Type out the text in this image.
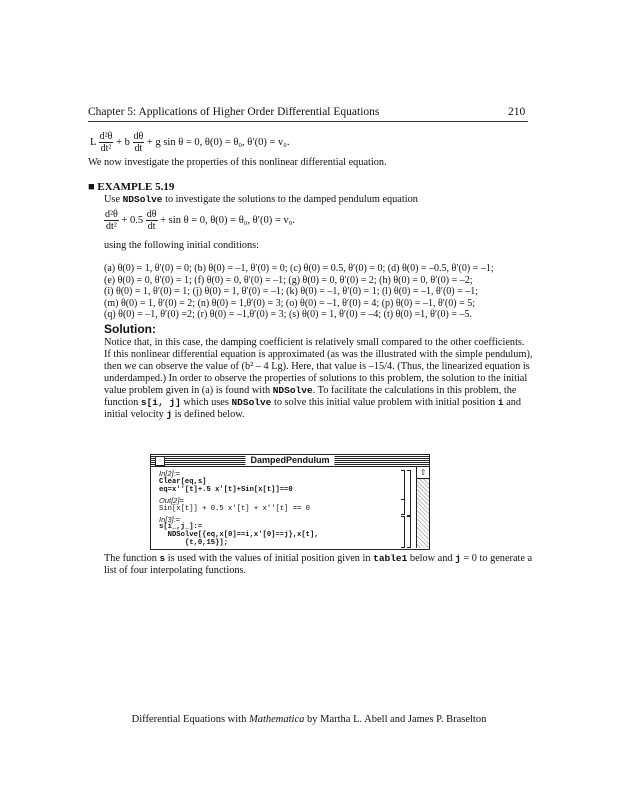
Chapter 5: Applications of Higher Order Differential Equations	210
L $\frac{\text{d²θ}}{\text{dt²}} + b \frac{d\theta}{dt} + g$ sin θ = 0, θ(0) = θ₀, θ′(0) = v₀.
We now investigate the properties of this nonlinear differential equation.
■ EXAMPLE 5.19
Use NDSolve to investigate the solutions to the damped pendulum equation
$\frac{\text{d²θ}}{\text{dt²}} + 0.5 \frac{d\theta}{dt} + \sin \theta = 0$, θ(0) = θ₀, θ′(0) = v₀.
using the following initial conditions:
(a) θ(0) = 1, θ′(0) = 0; (b) θ(0) = –1, θ′(0) = 0; (c) θ(0) = 0.5, θ′(0) = 0; (d) θ(0) = –0.5, θ′(0) = –1;
(e) θ(0) = 0, θ′(0) = 1; (f) θ(0) = 0, θ′(0) = –1; (g) θ(0) = 0, θ′(0) = 2; (h) θ(0) = 0, θ′(0) = –2;
(i) θ(0) = 1, θ′(0) = 1; (j) θ(0) = 1, θ′(0) = –1; (k) θ(0) = –1, θ′(0) = 1; (l) θ(0) = –1, θ′(0) = –1;
(m) θ(0) = 1, θ′(0) = 2; (n) θ(0) = 1,θ′(0) = 3; (o) θ(0) = –1, θ′(0) = 4; (p) θ(0) = –1, θ′(0) = 5;
(q) θ(0) = –1, θ′(0) =2; (r) θ(0) = –1,θ′(0) = 3; (s) θ(0) = 1, θ′(0) = –4; (t) θ(0) =1, θ′(0) = –5.
Solution:
Notice that, in this case, the damping coefficient is relatively small compared to the other coefficients.
If this nonlinear differential equation is approximated (as was the illustrated with the simple pendulum),
then we can observe the value of (b² – 4 Lg). Here, that value is –15/4. (Thus, the linearized equation is
underdamped.) In order to observe the properties of solutions to this problem, the solution to the initial
value problem given in (a) is found with NDSolve. To facilitate the calculations in this problem, the
function s[i, j] which uses NDSolve to solve this initial value problem with initial position i and
initial velocity j is defined below.
DampedPendulum
⇧
In[2]:=
Clear[eq,s]
eq=x''[t]+.5 x'[t]+Sin[x[t]]==0
Out[2]=
Sin[x[t]] + 0.5 x'[t] + x''[t] == 0
In[3]:=
s[i_,j_]:=
NDSolve[{eq,x[0]==i,x'[0]==j},x[t],
{t,0,15}];
The function s is used with the values of initial position given in table1 below and j = 0 to generate a
list of four interpolating functions.
Differential Equations with Mathematica by Martha L. Abell and James P. Braselton
